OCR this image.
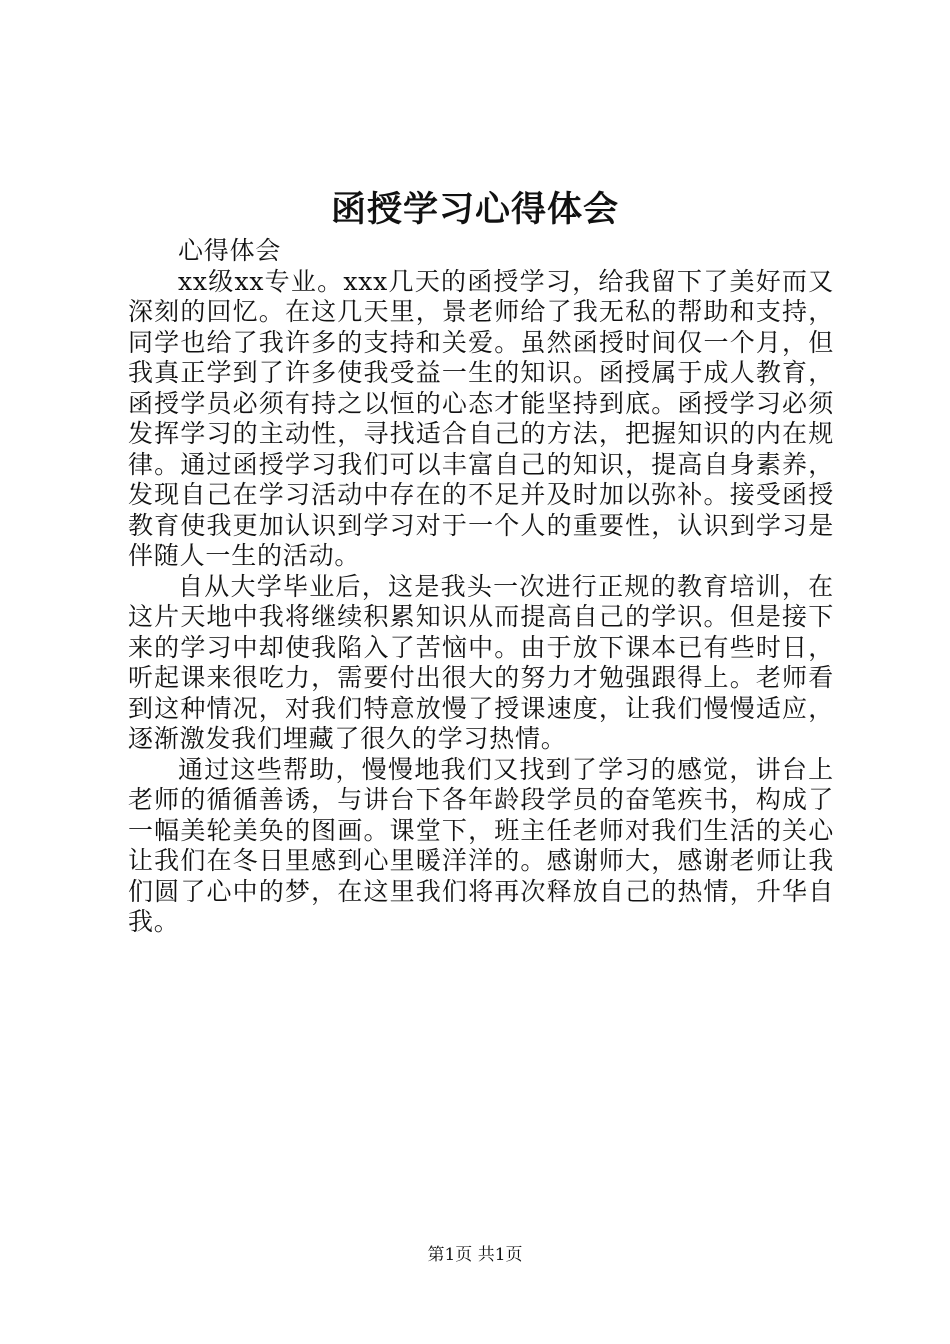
函授学习心得体会

心得体会

xx级xx专业。xxx几天的函授学习，给我留下了美好而又深刻的回忆。在这几天里，景老师给了我无私的帮助和支持，同学也给了我许多的支持和关爱。虽然函授时间仅一个月，但我真正学到了许多使我受益一生的知识。函授属于成人教育，函授学员必须有持之以恒的心态才能坚持到底。函授学习必须发挥学习的主动性，寻找适合自己的方法，把握知识的内在规律。通过函授学习我们可以丰富自己的知识，提高自身素养，发现自己在学习活动中存在的不足并及时加以弥补。接受函授教育使我更加认识到学习对于一个人的重要性，认识到学习是伴随人一生的活动。

自从大学毕业后，这是我头一次进行正规的教育培训，在这片天地中我将继续积累知识从而提高自己的学识。但是接下来的学习中却使我陷入了苦恼中。由于放下课本已有些时日，听起课来很吃力，需要付出很大的努力才勉强跟得上。老师看到这种情况，对我们特意放慢了授课速度，让我们慢慢适应，逐渐激发我们埋藏了很久的学习热情。

通过这些帮助，慢慢地我们又找到了学习的感觉，讲台上老师的循循善诱，与讲台下各年龄段学员的奋笔疾书，构成了一幅美轮美奂的图画。课堂下，班主任老师对我们生活的关心让我们在冬日里感到心里暖洋洋的。感谢师大，感谢老师让我们圆了心中的梦，在这里我们将再次释放自己的热情，升华自我。

第1页 共1页
